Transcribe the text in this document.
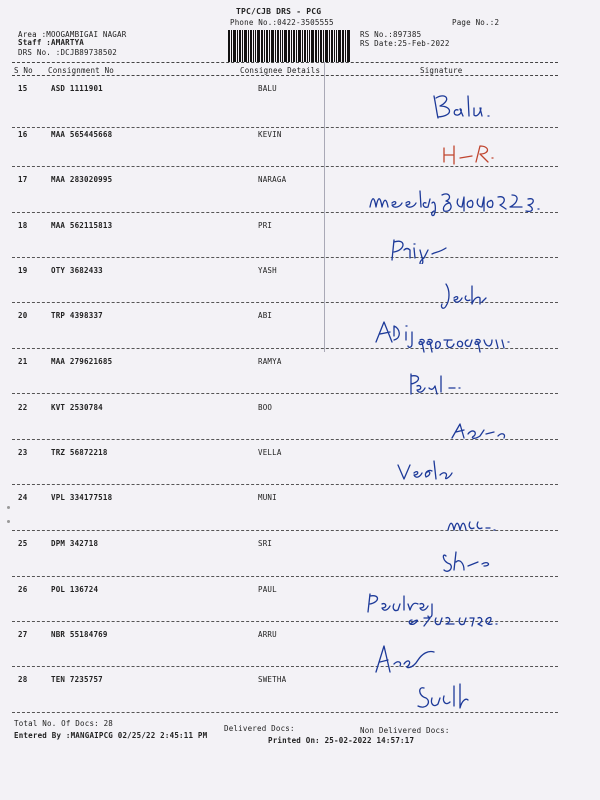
TPC/CJB DRS - PCG
Phone No.:0422-3505555	Page No.:2
Area :MOOGAMBIGAI NAGAR
Staff :AMARTYA
DRS No. :DCJB89738502
RS No.:897385
RS Date:25-Feb-2022
S No Consignment No	Consignee Details	Signature
15	ASD 1111901	BALU
16	MAA 565445668	KEVIN
17	MAA 283020995	NARAGA
18	MAA 562115813	PRI
19	OTY 3682433	YASH
20	TRP 4398337	ABI
21	MAA 279621685	RAMYA
22	KVT 2530784	BOO
23	TRZ 56872218	VELLA
24	VPL 334177518	MUNI
25	DPM 342718	SRI
26	POL 136724	PAUL
27	NBR 55184769	ARRU
28	TEN 7235757	SWETHA
Total No. Of Docs: 28
Delivered Docs:	Non Delivered Docs:
Entered By :MANGAIPCG 02/25/22 2:45:11 PM
Printed On: 25-02-2022 14:57:17
